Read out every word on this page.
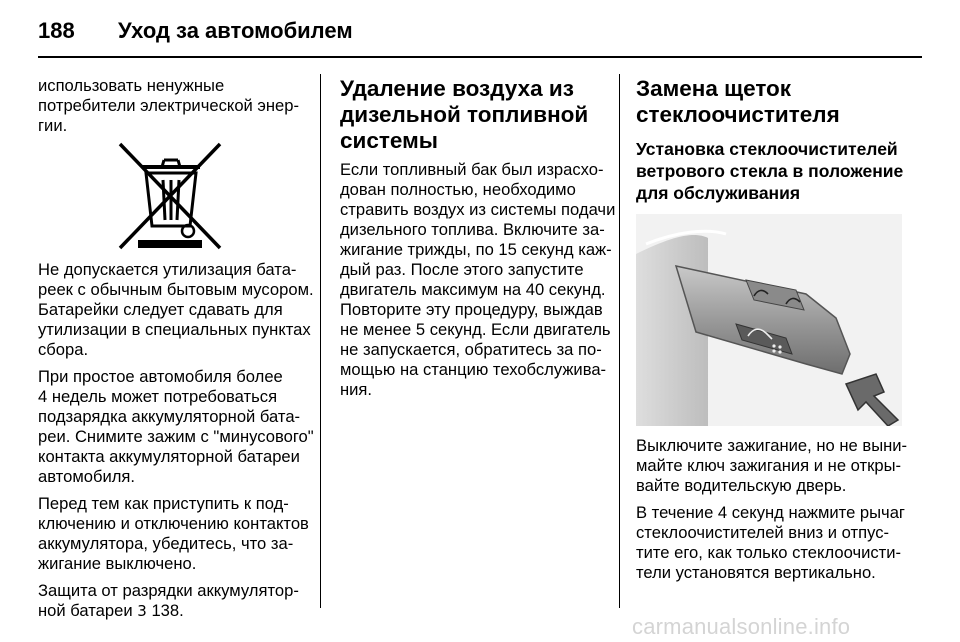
188 Уход за автомобилем

использовать ненужные
потребители электрической энер-
гии.

Не допускается утилизация бата-
реек с обычным бытовым мусором.
Батарейки следует сдавать для
утилизации в специальных пунктах
сбора.

При простое автомобиля более
4 недель может потребоваться
подзарядка аккумуляторной бата-
реи. Снимите зажим с "минусового"
контакта аккумуляторной батареи
автомобиля.

Перед тем как приступить к под-
ключению и отключению контактов
аккумулятора, убедитесь, что за-
жигание выключено.

Защита от разрядки аккумулятор-
ной батареи 3 138.

Удаление воздуха из
дизельной топливной
системы

Если топливный бак был израсхо-
дован полностью, необходимо
стравить воздух из системы подачи
дизельного топлива. Включите за-
жигание трижды, по 15 секунд каж-
дый раз. После этого запустите
двигатель максимум на 40 секунд.
Повторите эту процедуру, выждав
не менее 5 секунд. Если двигатель
не запускается, обратитесь за по-
мощью на станцию техобслужива-
ния.

Замена щеток
стеклоочистителя
Установка стеклоочистителей
ветрового стекла в положение
для обслуживания

Выключите зажигание, но не выни-
майте ключ зажигания и не откры-
вайте водительскую дверь.

В течение 4 секунд нажмите рычаг
стеклоочистителей вниз и отпус-
тите его, как только стеклоочисти-
тели установятся вертикально.

carmanualsonline.info
